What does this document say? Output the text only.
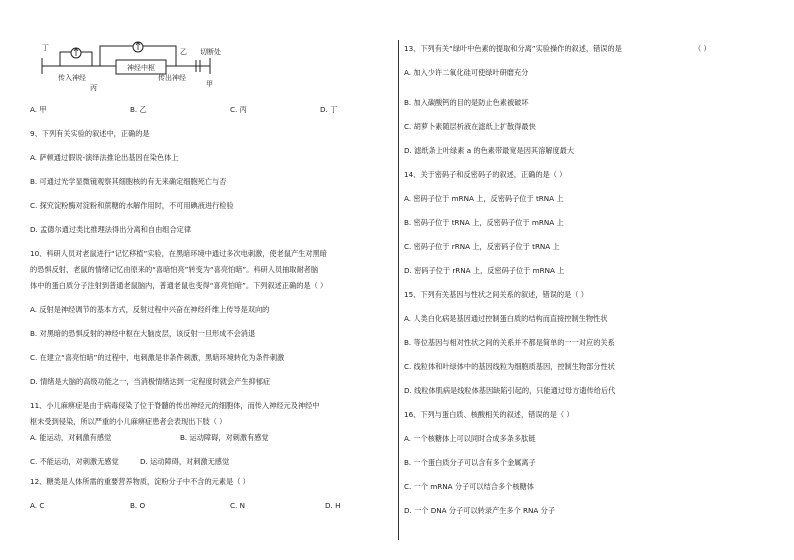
神经中枢
丁	乙 切断处
传入神经
丙
传出神经
甲
A. 甲	B. 乙	C. 丙	D. 丁
9、下列有关实验的叙述中，正确的是
A. 萨顿通过假说-演绎法推论出基因在染色体上
B. 可通过光学显微镜观察其细胞核的有无来确定细胞死亡与否
C. 探究淀粉酶对淀粉和蔗糖的水解作用时，不可用碘液进行检验
D. 孟德尔通过类比推理法得出分离和自由组合定律
10、科研人员对老鼠进行“记忆移植”实验，在黑暗环境中通过多次电刺激，使老鼠产生对黑暗
的恐惧反射，老鼠的情绪记忆由原来的“喜暗怕亮”转变为“喜亮怕暗”。科研人员抽取耐者脑
体中的蛋白质分子注射到普通老鼠脑内，普通老鼠也变得“喜亮怕暗”。下列叙述正确的是（ ）
A. 反射是神经调节的基本方式，反射过程中兴奋在神经纤维上传导是双向的
B. 对黑暗的恐惧反射的神经中枢在大脑皮层，该反射一旦形成不会消退
C. 在建立“喜亮怕暗”的过程中，电刺激是非条件刺激，黑暗环境转化为条件刺激
D. 情绪是大脑的高级功能之一，当消极情绪达到一定程度时就会产生抑郁症
11、小儿麻痹症是由于病毒侵染了位于脊髓的传出神经元的细胞体，而传入神经元及神经中
枢未受到侵染，所以严重的小儿麻痹症患者会表现出下肢（ ）
A. 能运动，对刺激有感觉	B. 运动障碍，对刺激有感觉
C. 不能运动，对刺激无感觉	D. 运动障碍，对刺激无感觉
12、糖类是人体所需的重要营养物质，淀粉分子中不含的元素是（ ）
A. C	B. O	C. N	D. H
13、下列有关“绿叶中色素的提取和分离”实验操作的叙述，错误的是	（ ）
A. 加入少许二氧化硅可使绿叶研磨充分
B. 加入碳酸钙的目的是防止色素被破坏
C. 胡萝卜素随层析液在滤纸上扩散得最快
D. 滤纸条上叶绿素 a 的色素带最宽是因其溶解度最大
14、关于密码子和反密码子的叙述，正确的是（ ）
A. 密码子位于 mRNA 上，反密码子位于 tRNA 上
B. 密码子位于 tRNA 上，反密码子位于 mRNA 上
C. 密码子位于 rRNA 上，反密码子位于 tRNA 上
D. 密码子位于 rRNA 上，反密码子位于 mRNA 上
15、下列有关基因与性状之间关系的叙述，错误的是（ ）
A. 人类白化病是基因通过控制蛋白质的结构而直接控制生物性状
B. 等位基因与相对性状之间的关系并不都是简单的一一对应的关系
C. 线粒体和叶绿体中的基因线粒为细胞质基因，控制生物部分性状
D. 线粒体肌病是线粒体基因缺陷引起的，只能通过母方遗传给后代
16、下列与蛋白质、核酸相关的叙述，错误的是（ ）
A. 一个核糖体上可以同时合成多条多肽链
B. 一个蛋白质分子可以含有多个金属离子
C. 一个 mRNA 分子可以结合多个核糖体
D. 一个 DNA 分子可以转录产生多个 RNA 分子
